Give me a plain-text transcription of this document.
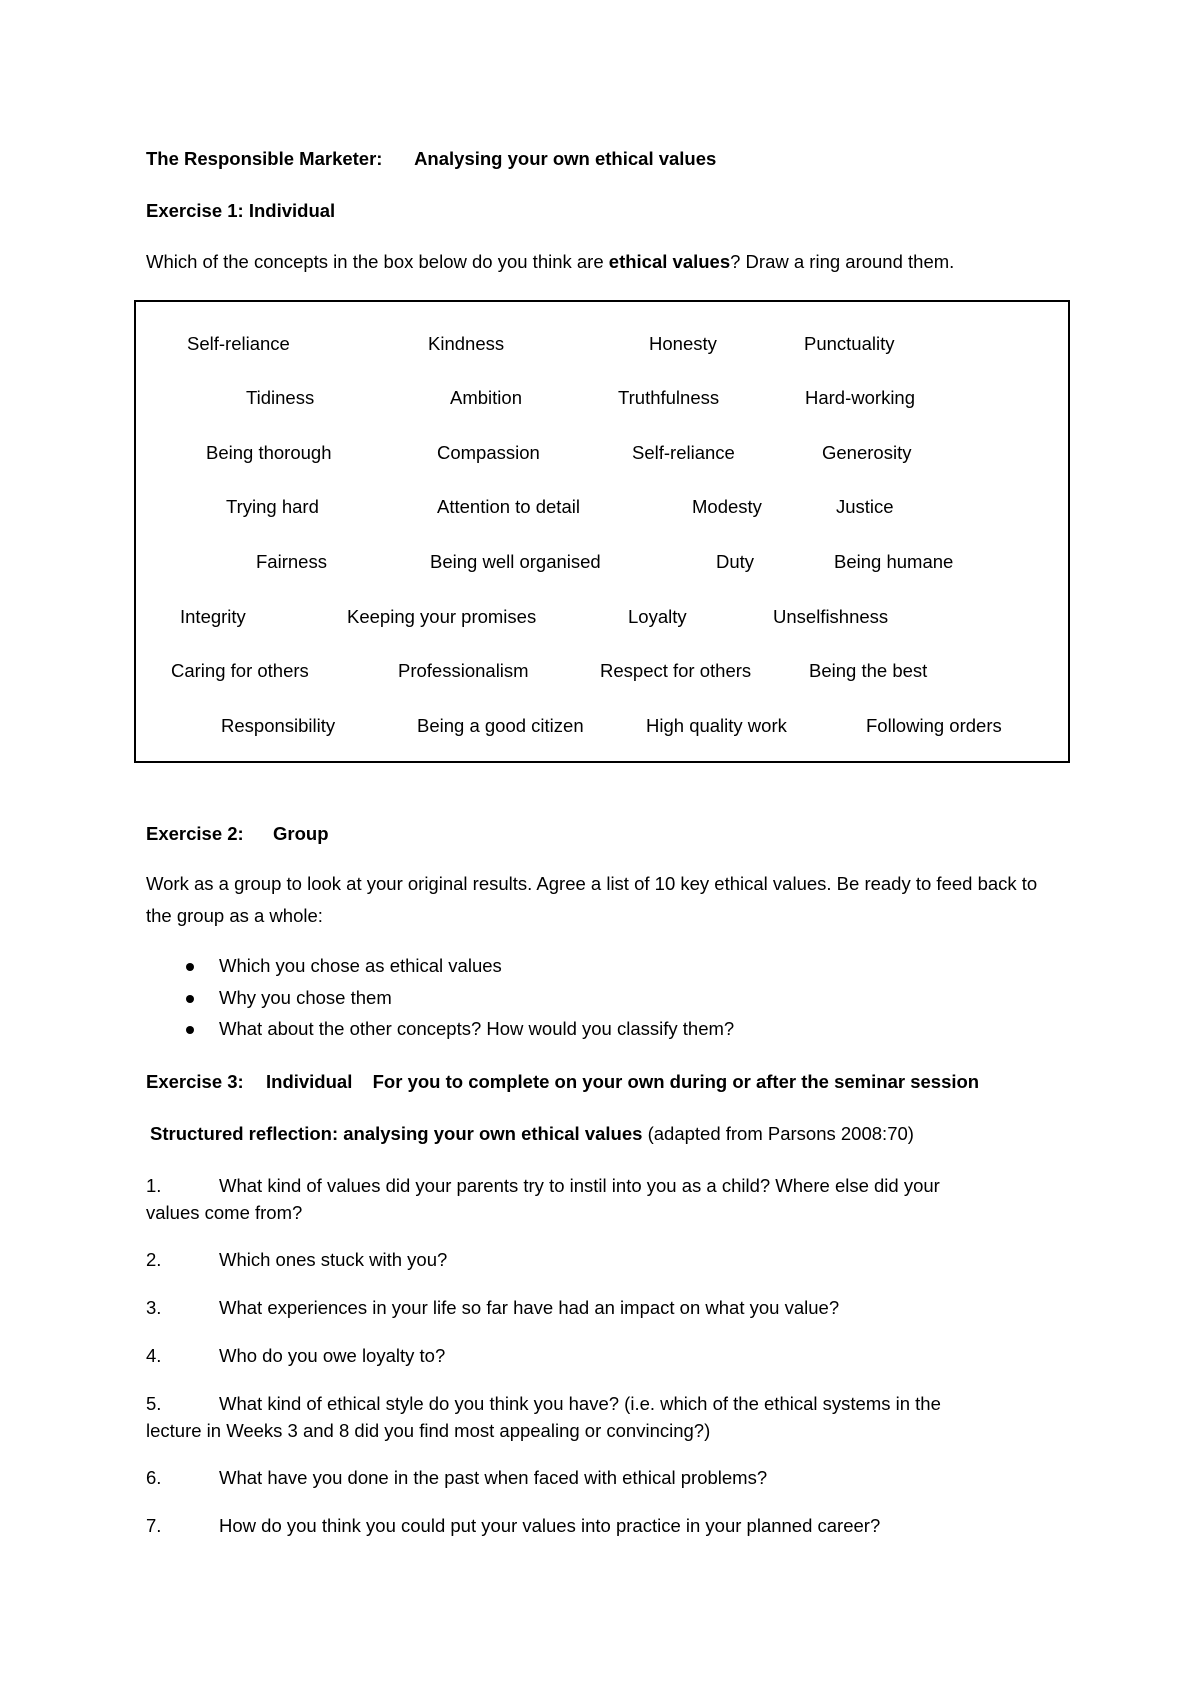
The Responsible Marketer: Analysing your own ethical values
Exercise 1: Individual
Which of the concepts in the box below do you think are ethical values? Draw a ring around them.
Self-reliance	Kindness	Honesty	Punctuality
Tidiness	Ambition	Truthfulness	Hard-working
Being thorough	Compassion	Self-reliance	Generosity
Trying hard	Attention to detail	Modesty	Justice
Fairness	Being well organised	Duty	Being humane
Integrity	Keeping your promises	Loyalty	Unselfishness
Caring for others	Professionalism	Respect for others	Being the best
Responsibility	Being a good citizen	High quality work	Following orders
Exercise 2: Group
Work as a group to look at your original results. Agree a list of 10 key ethical values. Be ready to feed back to the group as a whole:
Which you chose as ethical values
Why you chose them
What about the other concepts? How would you classify them?
Exercise 3: Individual For you to complete on your own during or after the seminar session
Structured reflection: analysing your own ethical values (adapted from Parsons 2008:70)
1.	What kind of values did your parents try to instil into you as a child? Where else did your
values come from?
2.	Which ones stuck with you?
3.	What experiences in your life so far have had an impact on what you value?
4.	Who do you owe loyalty to?
5.	What kind of ethical style do you think you have? (i.e. which of the ethical systems in the
lecture in Weeks 3 and 8 did you find most appealing or convincing?)
6.	What have you done in the past when faced with ethical problems?
7.	How do you think you could put your values into practice in your planned career?
